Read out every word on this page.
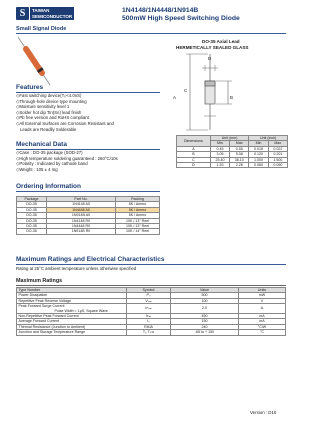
S	TAIWAN
SEMICONDUCTOR
1N4148/1N4448/1N914B
500mW High Speed Switching Diode
Small Signal Diode
DO-35 Axial Lead
HERMETICALLY SEALED GLASS
D
C
A	B
Features
◇Fast switching device(Tᵣᵣ<4.0nS)
◇Through-hole device type mounting
◇Moisture sensitivity level 1
◇Solder hot dip Tin(Sn) lead finish
◇Pb free version and RoHS compliant
◇All External Surfaces are Corrosion Resistant and
Leads are Readily Solderable
Dimensions	Unit (mm)		Unit (inch)	
	Min	Max	Min	Max
A	0.45	0.55	0.018	0.022
B	3.05	5.08	0.120	0.201
C	25.40	38.10	1.000	1.500
D	1.53	2.28	0.060	0.090
Mechanical Data
◇Case : DO-35 package (SOD-27)
◇High temperature soldering guaranteed : 260°C/10s
◇Polarity : Indicated by cathode band
◇Weight : 105 ± 4 mg
Ordering Information
Package	Part No.	Packing
DO-35	1N4148 A0	5K / Ammo
DO-35	1N4448 A0	5K / Ammo
DO-35	1N914B A0	5K / Ammo
DO-35	1N4148 R0	10K / 13" Reel
DO-35	1N4448 R0	10K / 13" Reel
DO-35	1N914B R0	10K / 14" Reel
Maximum Ratings and Electrical Characteristics
Rating at 25°C ambient temperature unless otherwise specified
Maximum Ratings
Type Number	Symbol	Value	Units
Power Dissipation	P₀	500	mW
Repetitive Peak Reverse Voltage	Vᵣᵣₘ	100	V

Peak Forward Surge Current
Pulse Width = 1μS, Square Wave	Iꜰₛₘ	2.0	A
Non-Repetitive Peak Forward Current	Iꜰₘ	450	mA
Average Forward Current	I₀	150	mA
Thermal Resistance (Junction to Ambient)	RθJA	240	°C/W
Junction and Storage Temperature Range	Tⱼ, Tₛₜɢ	-65 to + 150	°C
Version : D10
